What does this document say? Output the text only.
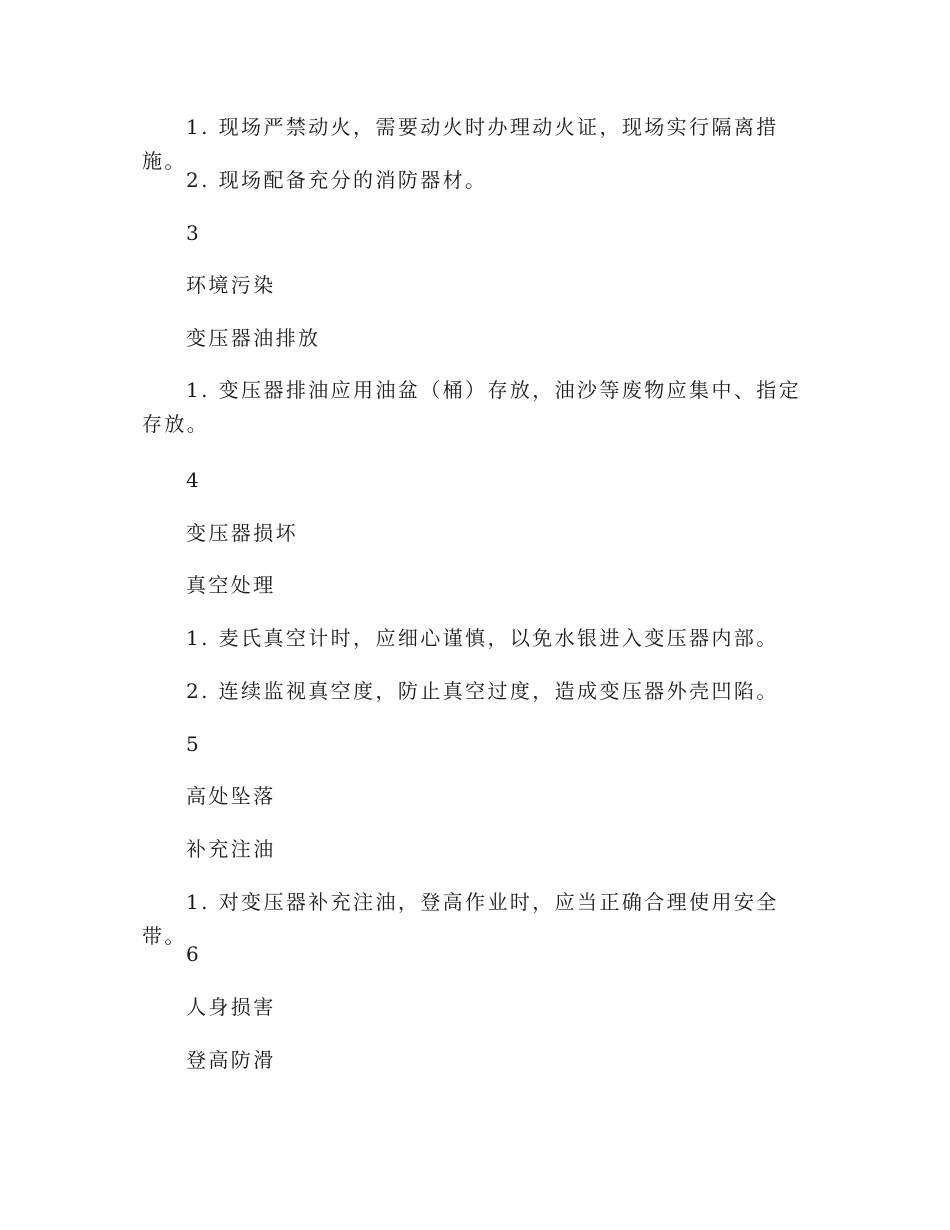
1. 现场严禁动火，需要动火时办理动火证，现场实行隔离措施。

2. 现场配备充分的消防器材。

3

环境污染

变压器油排放

1. 变压器排油应用油盆（桶）存放，油沙等废物应集中、指定存放。

4

变压器损坏

真空处理

1. 麦氏真空计时，应细心谨慎，以免水银进入变压器内部。

2. 连续监视真空度，防止真空过度，造成变压器外壳凹陷。

5

高处坠落

补充注油

1. 对变压器补充注油，登高作业时，应当正确合理使用安全带。

6

人身损害

登高防滑
